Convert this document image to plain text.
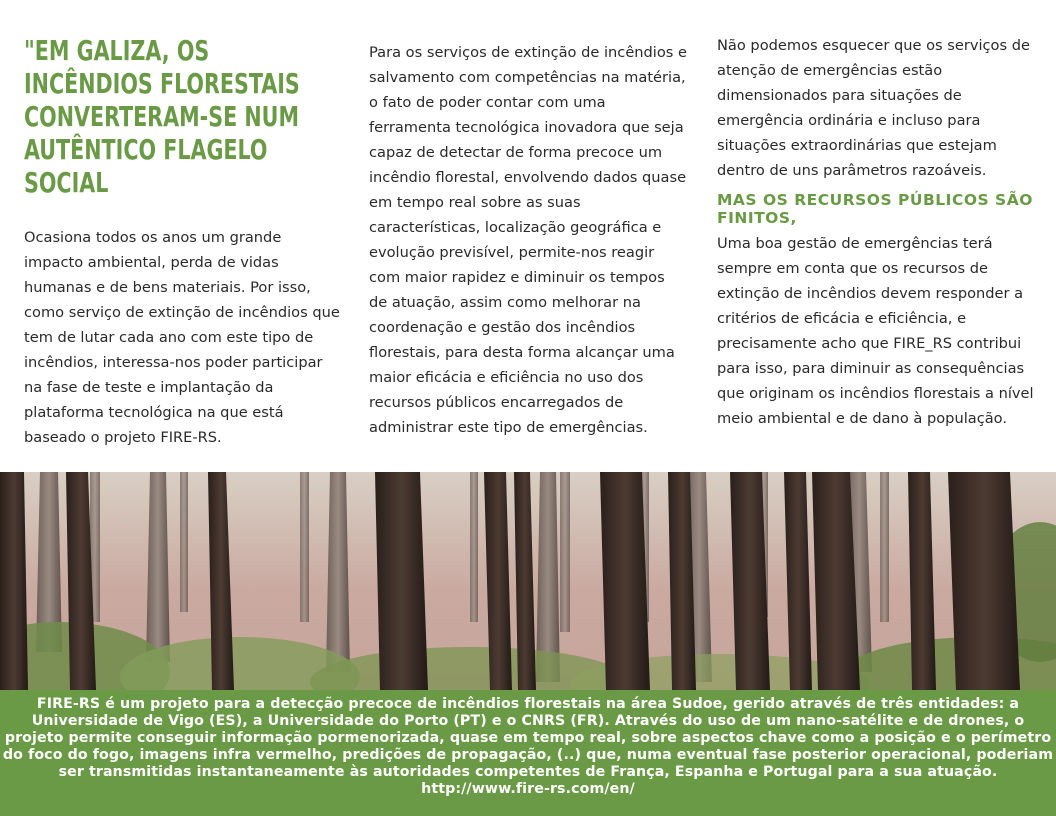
"EM GALIZA, OS INCÊNDIOS FLORESTAIS CONVERTERAM-SE NUM AUTÊNTICO FLAGELO SOCIAL

Ocasiona todos os anos um grande impacto ambiental, perda de vidas humanas e de bens materiais. Por isso, como serviço de extinção de incêndios que tem de lutar cada ano com este tipo de incêndios, interessa-nos poder participar na fase de teste e implantação da plataforma tecnológica na que está baseado o projeto FIRE-RS.

Para os serviços de extinção de incêndios e salvamento com competências na matéria, o fato de poder contar com uma ferramenta tecnológica inovadora que seja capaz de detectar de forma precoce um incêndio florestal, envolvendo dados quase em tempo real sobre as suas características, localização geográfica e evolução previsível, permite-nos reagir com maior rapidez e diminuir os tempos de atuação, assim como melhorar na coordenação e gestão dos incêndios florestais, para desta forma alcançar uma maior eficácia e eficiência no uso dos recursos públicos encarregados de administrar este tipo de emergências.

Não podemos esquecer que os serviços de atenção de emergências estão dimensionados para situações de emergência ordinária e incluso para situações extraordinárias que estejam dentro de uns parâmetros razoáveis.

MAS OS RECURSOS PÚBLICOS SÃO FINITOS,

Uma boa gestão de emergências terá sempre em conta que os recursos de extinção de incêndios devem responder a critérios de eficácia e eficiência, e precisamente acho que FIRE_RS contribui para isso, para diminuir as consequências que originam os incêndios florestais a nível meio ambiental e de dano à população.

FIRE-RS é um projeto para a detecção precoce de incêndios florestais na área Sudoe, gerido através de três entidades: a Universidade de Vigo (ES), a Universidade do Porto (PT) e o CNRS (FR). Através do uso de um nano-satélite e de drones, o projeto permite conseguir informação pormenorizada, quase em tempo real, sobre aspectos chave como a posição e o perímetro do foco do fogo, imagens infra vermelho, predições de propagação, (..) que, numa eventual fase posterior operacional, poderiam ser transmitidas instantaneamente às autoridades competentes de França, Espanha e Portugal para a sua atuação.

http://www.fire-rs.com/en/
